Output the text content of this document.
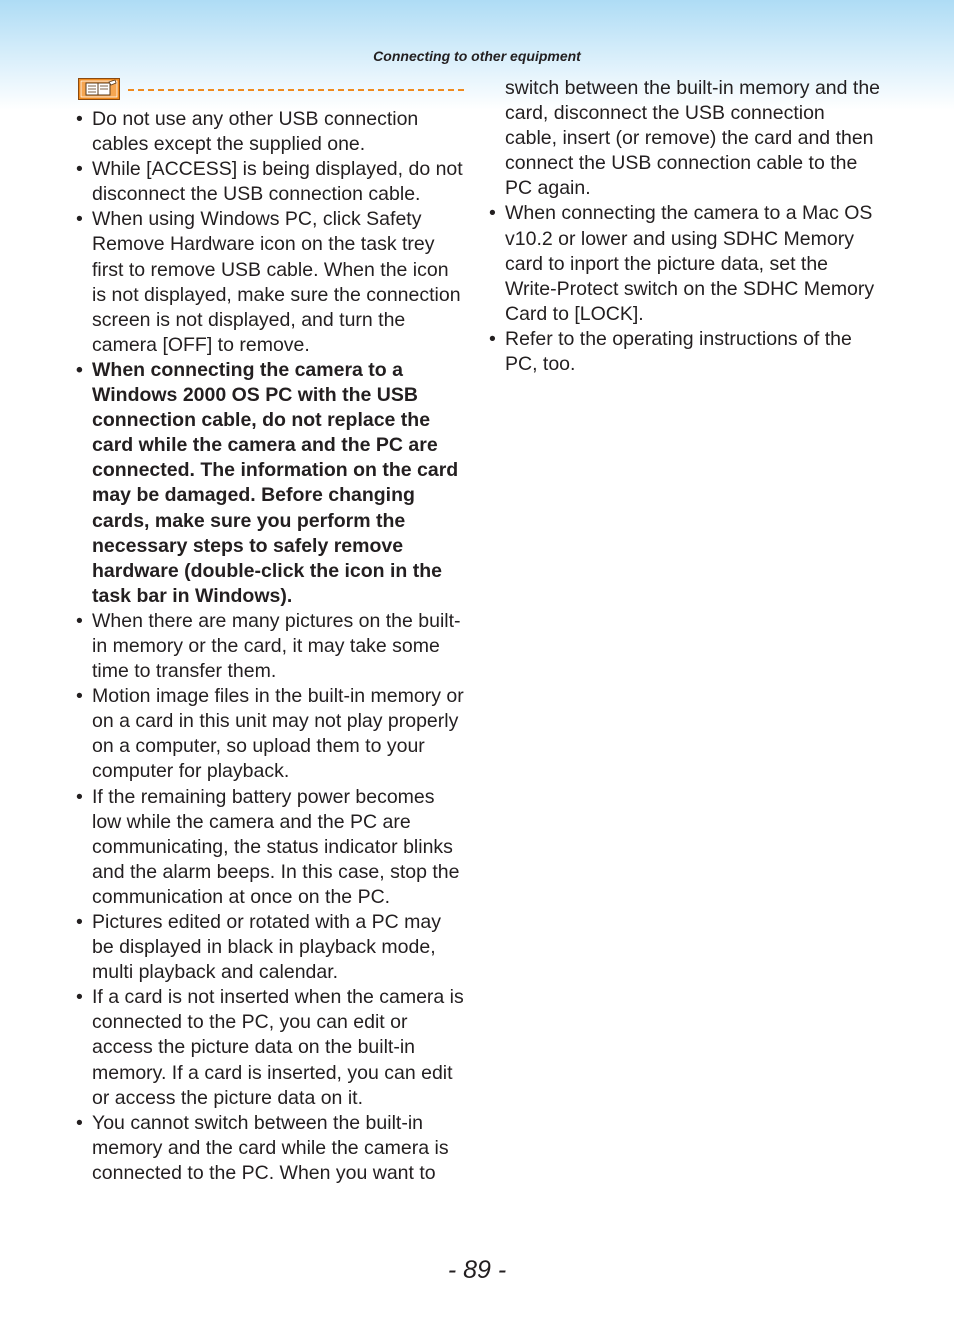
Connecting to other equipment
• Do not use any other USB connection cables except the supplied one.
• While [ACCESS] is being displayed, do not disconnect the USB connection cable.
• When using Windows PC, click Safety Remove Hardware icon on the task trey first to remove USB cable. When the icon is not displayed, make sure the connection screen is not displayed, and turn the camera [OFF] to remove.
• When connecting the camera to a Windows 2000 OS PC with the USB connection cable, do not replace the card while the camera and the PC are connected. The information on the card may be damaged. Before changing cards, make sure you perform the necessary steps to safely remove hardware (double-click the icon in the task bar in Windows).
• When there are many pictures on the built-in memory or the card, it may take some time to transfer them.
• Motion image files in the built-in memory or on a card in this unit may not play properly on a computer, so upload them to your computer for playback.
• If the remaining battery power becomes low while the camera and the PC are communicating, the status indicator blinks and the alarm beeps. In this case, stop the communication at once on the PC.
• Pictures edited or rotated with a PC may be displayed in black in playback mode, multi playback and calendar.
• If a card is not inserted when the camera is connected to the PC, you can edit or access the picture data on the built-in memory. If a card is inserted, you can edit or access the picture data on it.
• You cannot switch between the built-in memory and the card while the camera is connected to the PC. When you want to
switch between the built-in memory and the card, disconnect the USB connection cable, insert (or remove) the card and then connect the USB connection cable to the PC again.
• When connecting the camera to a Mac OS v10.2 or lower and using SDHC Memory card to inport the picture data, set the Write-Protect switch on the SDHC Memory Card to [LOCK].
• Refer to the operating instructions of the PC, too.
- 89 -
